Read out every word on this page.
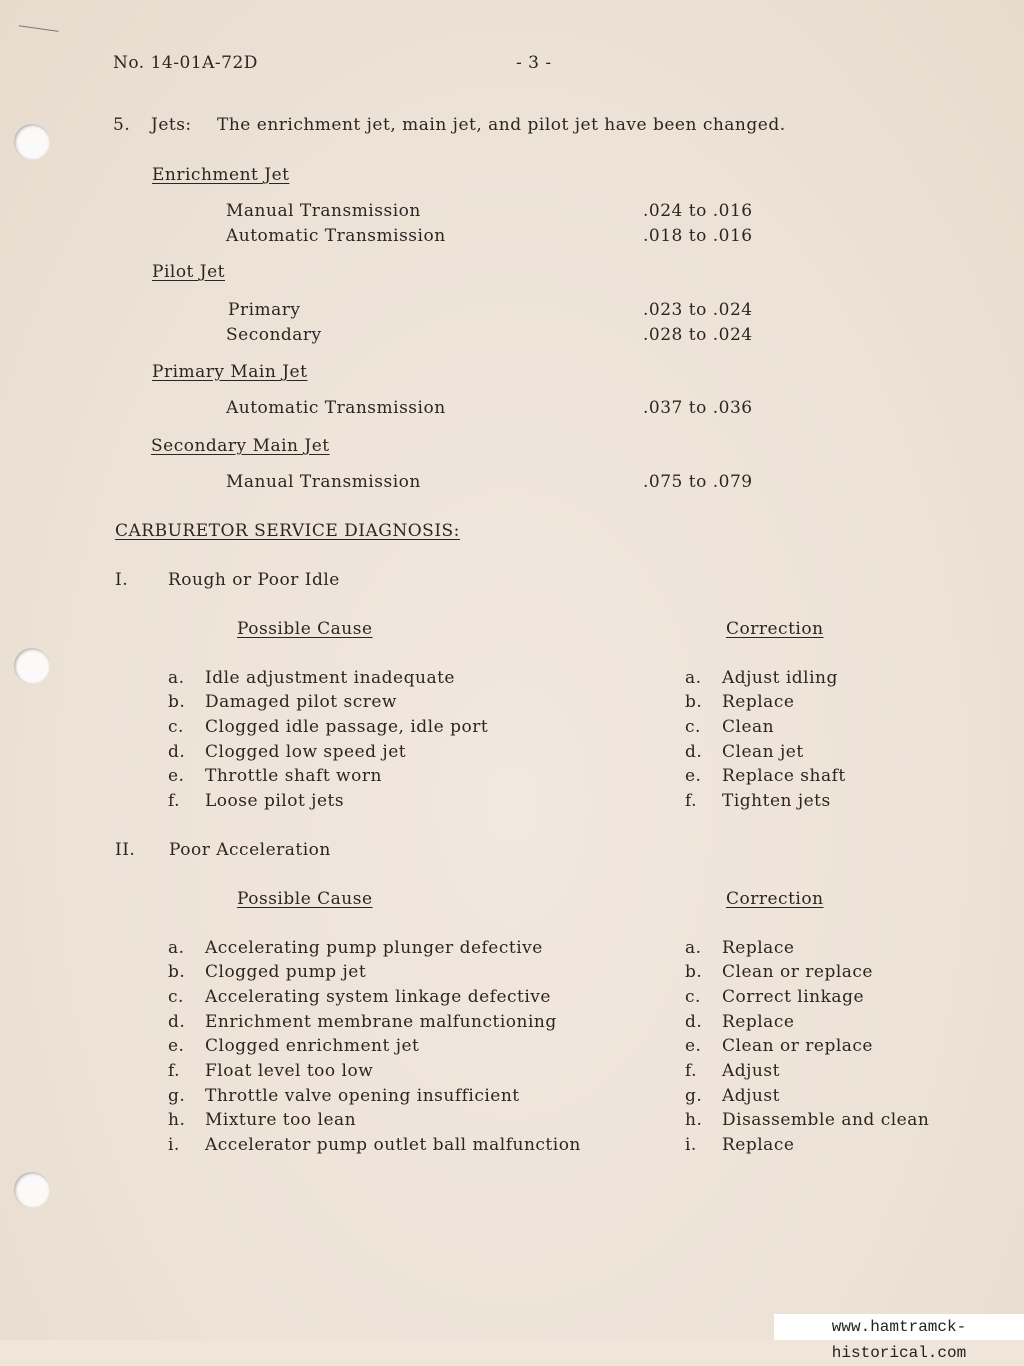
No. 14-01A-72D	- 3 -
5. Jets: The enrichment jet, main jet, and pilot jet have been changed.
Enrichment Jet
Manual Transmission	.024 to .016
Automatic Transmission	.018 to .016
Pilot Jet
Primary	.023 to .024
Secondary	.028 to .024
Primary Main Jet
Automatic Transmission	.037 to .036
Secondary Main Jet
Manual Transmission	.075 to .079
CARBURETOR SERVICE DIAGNOSIS:
I. Rough or Poor Idle
Possible Cause	Correction
a. Idle adjustment inadequate	a. Adjust idling
b. Damaged pilot screw	b. Replace
c. Clogged idle passage, idle port	c. Clean
d. Clogged low speed jet	d. Clean jet
e. Throttle shaft worn	e. Replace shaft
f. Loose pilot jets	f. Tighten jets
II. Poor Acceleration
Possible Cause	Correction
a. Accelerating pump plunger defective	a. Replace
b. Clogged pump jet	b. Clean or replace
c. Accelerating system linkage defective	c. Correct linkage
d. Enrichment membrane malfunctioning	d. Replace
e. Clogged enrichment jet	e. Clean or replace
f. Float level too low	f. Adjust
g. Throttle valve opening insufficient	g. Adjust
h. Mixture too lean	h. Disassemble and clean
i. Accelerator pump outlet ball malfunction	i. Replace
www.hamtramck-historical.com
